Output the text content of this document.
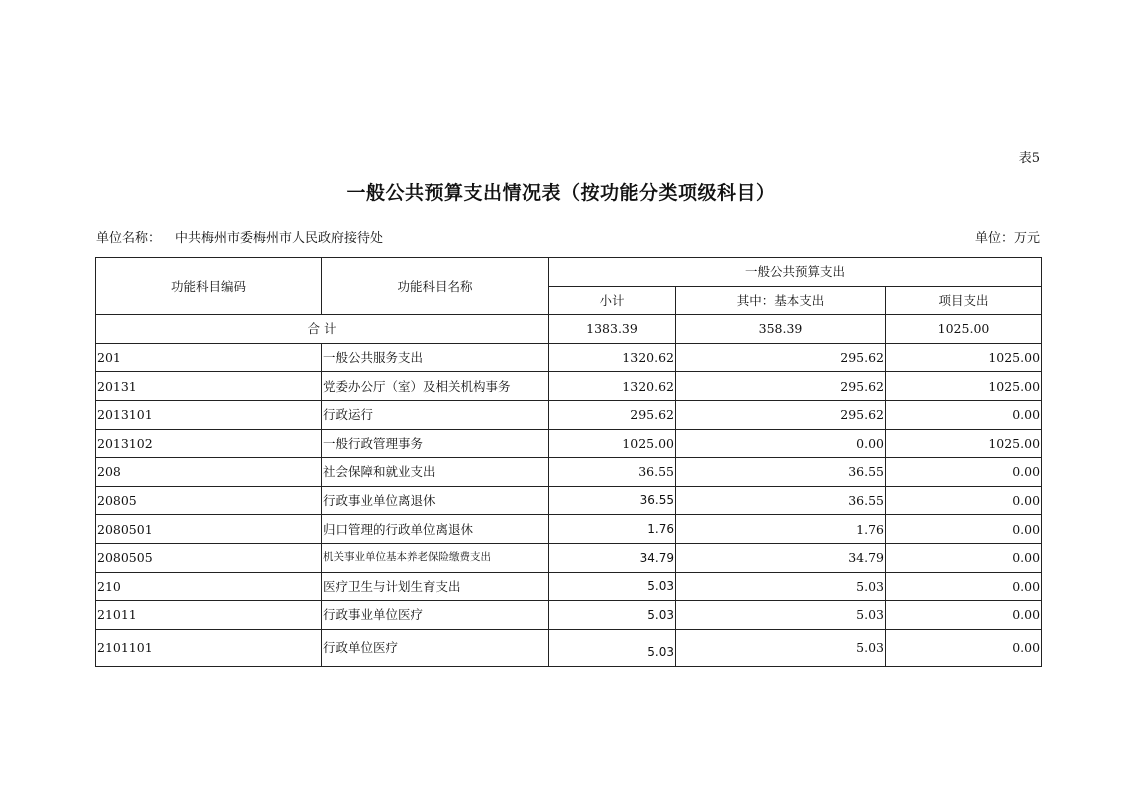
表5
一般公共预算支出情况表（按功能分类项级科目）
单位名称： 中共梅州市委梅州市人民政府接待处	单位：万元
功能科目编码	功能科目名称	一般公共预算支出		
		小计	其中：基本支出	项目支出
合 计		1383.39	358.39	1025.00
201	一般公共服务支出	1320.62	295.62	1025.00
20131	党委办公厅（室）及相关机构事务	1320.62	295.62	1025.00
2013101	行政运行	295.62	295.62	0.00
2013102	一般行政管理事务	1025.00	0.00	1025.00
208	社会保障和就业支出	36.55	36.55	0.00
20805	行政事业单位离退休	36.55	36.55	0.00
2080501	归口管理的行政单位离退休	1.76	1.76	0.00
2080505	机关事业单位基本养老保险缴费支出	34.79	34.79	0.00
210	医疗卫生与计划生育支出	5.03	5.03	0.00
21011	行政事业单位医疗	5.03	5.03	0.00
2101101	行政单位医疗	5.03	5.03	0.00
